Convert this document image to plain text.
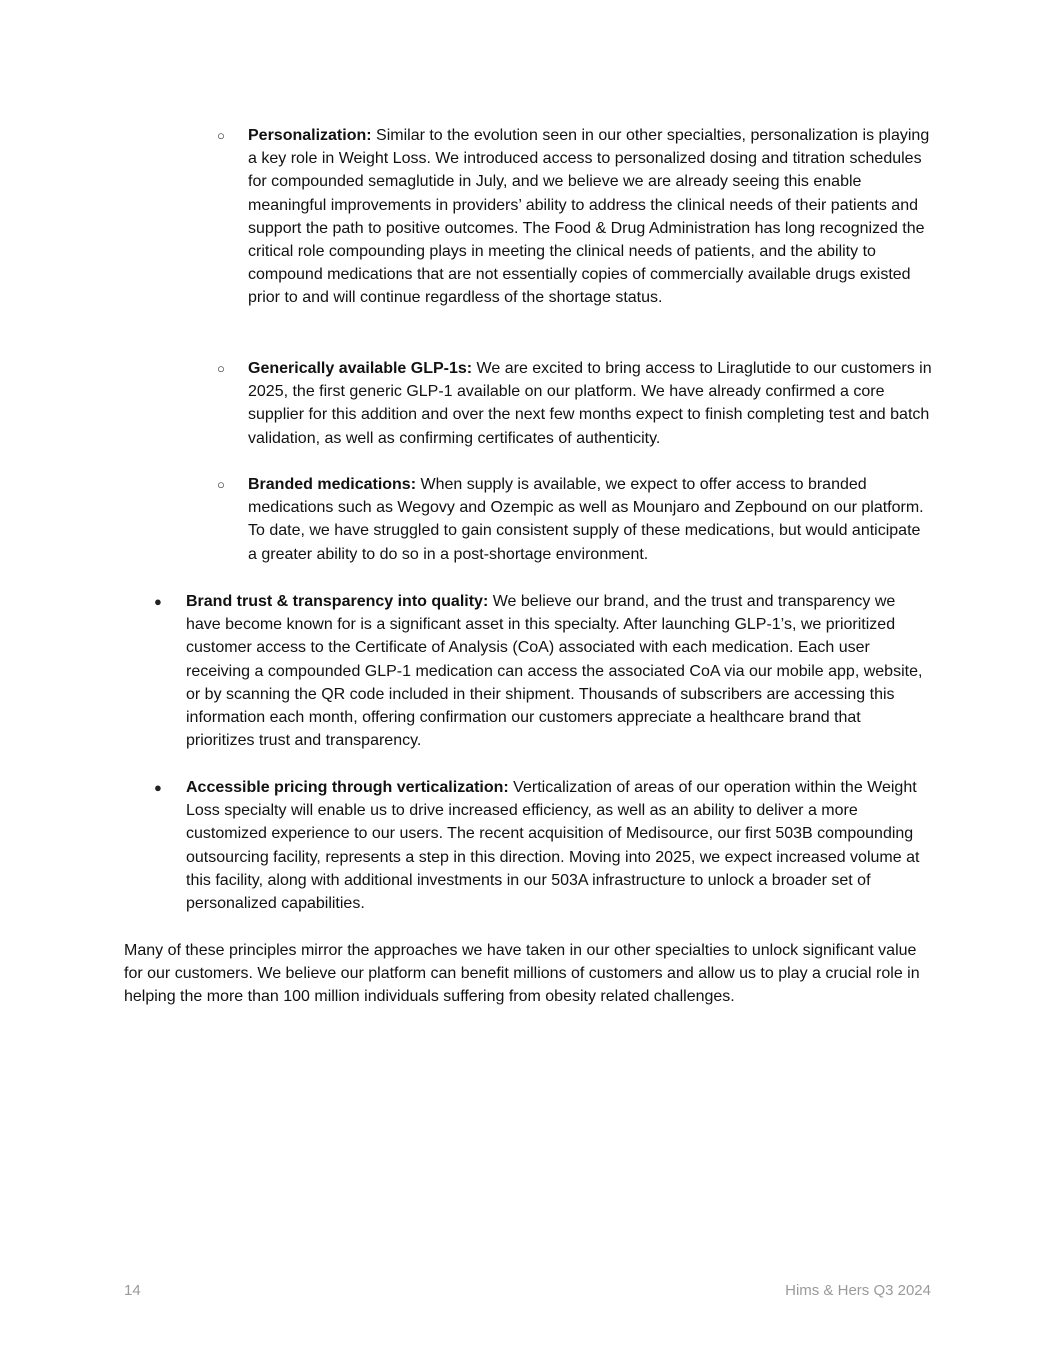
○ Personalization: Similar to the evolution seen in our other specialties, personalization is playing a key role in Weight Loss. We introduced access to personalized dosing and titration schedules for compounded semaglutide in July, and we believe we are already seeing this enable meaningful improvements in providers’ ability to address the clinical needs of their patients and support the path to positive outcomes. The Food & Drug Administration has long recognized the critical role compounding plays in meeting the clinical needs of patients, and the ability to compound medications that are not essentially copies of commercially available drugs existed prior to and will continue regardless of the shortage status.

○ Generically available GLP-1s: We are excited to bring access to Liraglutide to our customers in 2025, the first generic GLP-1 available on our platform. We have already confirmed a core supplier for this addition and over the next few months expect to finish completing test and batch validation, as well as confirming certificates of authenticity.

○ Branded medications: When supply is available, we expect to offer access to branded medications such as Wegovy and Ozempic as well as Mounjaro and Zepbound on our platform. To date, we have struggled to gain consistent supply of these medications, but would anticipate a greater ability to do so in a post-shortage environment.

● Brand trust & transparency into quality: We believe our brand, and the trust and transparency we have become known for is a significant asset in this specialty. After launching GLP-1’s, we prioritized customer access to the Certificate of Analysis (CoA) associated with each medication. Each user receiving a compounded GLP-1 medication can access the associated CoA via our mobile app, website, or by scanning the QR code included in their shipment. Thousands of subscribers are accessing this information each month, offering confirmation our customers appreciate a healthcare brand that prioritizes trust and transparency.

● Accessible pricing through verticalization: Verticalization of areas of our operation within the Weight Loss specialty will enable us to drive increased efficiency, as well as an ability to deliver a more customized experience to our users. The recent acquisition of Medisource, our first 503B compounding outsourcing facility, represents a step in this direction. Moving into 2025, we expect increased volume at this facility, along with additional investments in our 503A infrastructure to unlock a broader set of personalized capabilities.

Many of these principles mirror the approaches we have taken in our other specialties to unlock significant value for our customers. We believe our platform can benefit millions of customers and allow us to play a crucial role in helping the more than 100 million individuals suffering from obesity related challenges.

14	Hims & Hers Q3 2024
